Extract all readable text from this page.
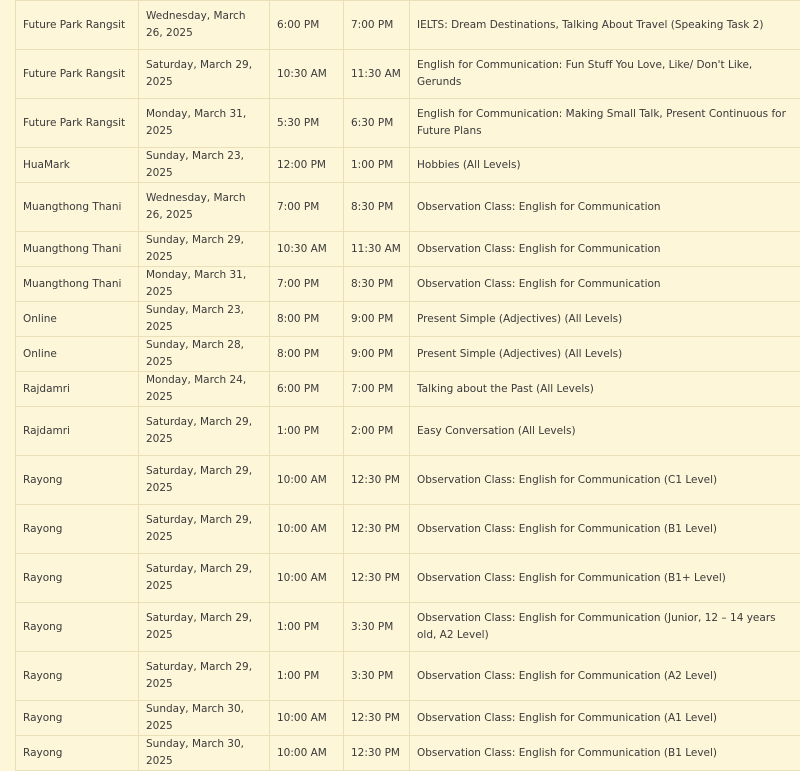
Future Park Rangsit	Wednesday, March 26, 2025	6:00 PM	7:00 PM	IELTS: Dream Destinations, Talking About Travel (Speaking Task 2)
Future Park Rangsit	Saturday, March 29, 2025	10:30 AM	11:30 AM	English for Communication: Fun Stuff You Love, Like/ Don't Like, Gerunds
Future Park Rangsit	Monday, March 31, 2025	5:30 PM	6:30 PM	English for Communication: Making Small Talk, Present Continuous for Future Plans
HuaMark	Sunday, March 23, 2025	12:00 PM	1:00 PM	Hobbies (All Levels)
Muangthong Thani	Wednesday, March 26, 2025	7:00 PM	8:30 PM	Observation Class: English for Communication
Muangthong Thani	Sunday, March 29, 2025	10:30 AM	11:30 AM	Observation Class: English for Communication
Muangthong Thani	Monday, March 31, 2025	7:00 PM	8:30 PM	Observation Class: English for Communication
Online	Sunday, March 23, 2025	8:00 PM	9:00 PM	Present Simple (Adjectives) (All Levels)
Online	Sunday, March 28, 2025	8:00 PM	9:00 PM	Present Simple (Adjectives) (All Levels)
Rajdamri	Monday, March 24, 2025	6:00 PM	7:00 PM	Talking about the Past (All Levels)
Rajdamri	Saturday, March 29, 2025	1:00 PM	2:00 PM	Easy Conversation (All Levels)
Rayong	Saturday, March 29, 2025	10:00 AM	12:30 PM	Observation Class: English for Communication (C1 Level)
Rayong	Saturday, March 29, 2025	10:00 AM	12:30 PM	Observation Class: English for Communication (B1 Level)
Rayong	Saturday, March 29, 2025	10:00 AM	12:30 PM	Observation Class: English for Communication (B1+ Level)
Rayong	Saturday, March 29, 2025	1:00 PM	3:30 PM	Observation Class: English for Communication (Junior, 12 – 14 years old, A2 Level)
Rayong	Saturday, March 29, 2025	1:00 PM	3:30 PM	Observation Class: English for Communication (A2 Level)
Rayong	Sunday, March 30, 2025	10:00 AM	12:30 PM	Observation Class: English for Communication (A1 Level)
Rayong	Sunday, March 30, 2025	10:00 AM	12:30 PM	Observation Class: English for Communication (B1 Level)
